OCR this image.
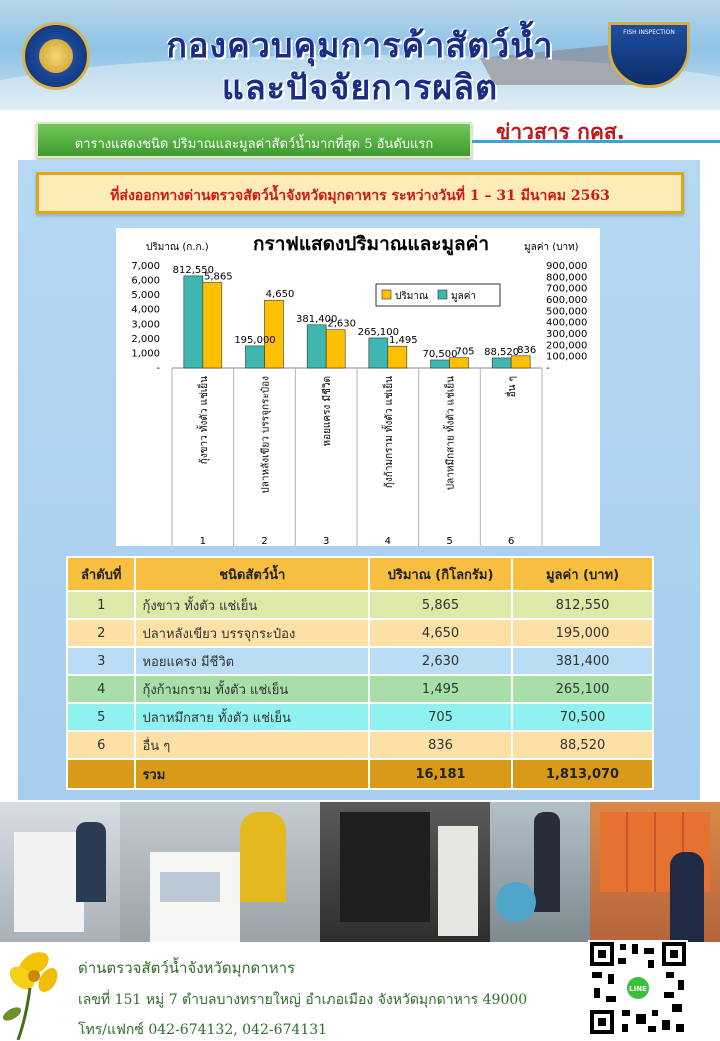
FISH INSPECTION
กองควบคุมการค้าสัตว์น้ำ
และปัจจัยการผลิต
ตารางแสดงชนิด ปริมาณและมูลค่าสัตว์น้ำมากที่สุด 5 อันดับแรก
ข่าวสาร กคส.
ที่ส่งออกทางด่านตรวจสัตว์น้ำจังหวัดมุกดาหาร ระหว่างวันที่ 1 – 31 มีนาคม 2563
ปริมาณ (ก.ก.) กราฟแสดงปริมาณและมูลค่า	มูลค่า (บาท)
7,000
6,000
5,000
4,000
3,000
2,000
1,000
-
900,000
800,000
700,000
600,000
500,000
400,000
300,000
200,000
100,000
-
812,550
5,865
กุ้งขาว ทั้งตัว แช่เย็น
1
195,000
4,650
ปลาหลังเขียว บรรจุกระป๋อง
2
381,400
2,630
หอยแครง มีชีวิต
3
265,100
1,495
กุ้งก้ามกราม ทั้งตัว แช่เย็น
4
70,500
705
ปลาหมึกสาย ทั้งตัว แช่เย็น
5
88,520
836
อื่น ๆ
6
ปริมาณ มูลค่า
ลำดับที่	ชนิดสัตว์น้ำ	ปริมาณ (กิโลกรัม)	มูลค่า (บาท)
1	กุ้งขาว ทั้งตัว แช่เย็น	5,865	812,550
2	ปลาหลังเขียว บรรจุกระป๋อง	4,650	195,000
3	หอยแครง มีชีวิต	2,630	381,400
4	กุ้งก้ามกราม ทั้งตัว แช่เย็น	1,495	265,100
5	ปลาหมึกสาย ทั้งตัว แช่เย็น	705	70,500
6	อื่น ๆ	836	88,520
	รวม	16,181	1,813,070
ด่านตรวจสัตว์น้ำจังหวัดมุกดาหาร
เลขที่ 151 หมู่ 7 ตำบลบางทรายใหญ่ อำเภอเมือง จังหวัดมุกดาหาร 49000
โทร/แฟกซ์ 042-674132, 042-674131
LINE
